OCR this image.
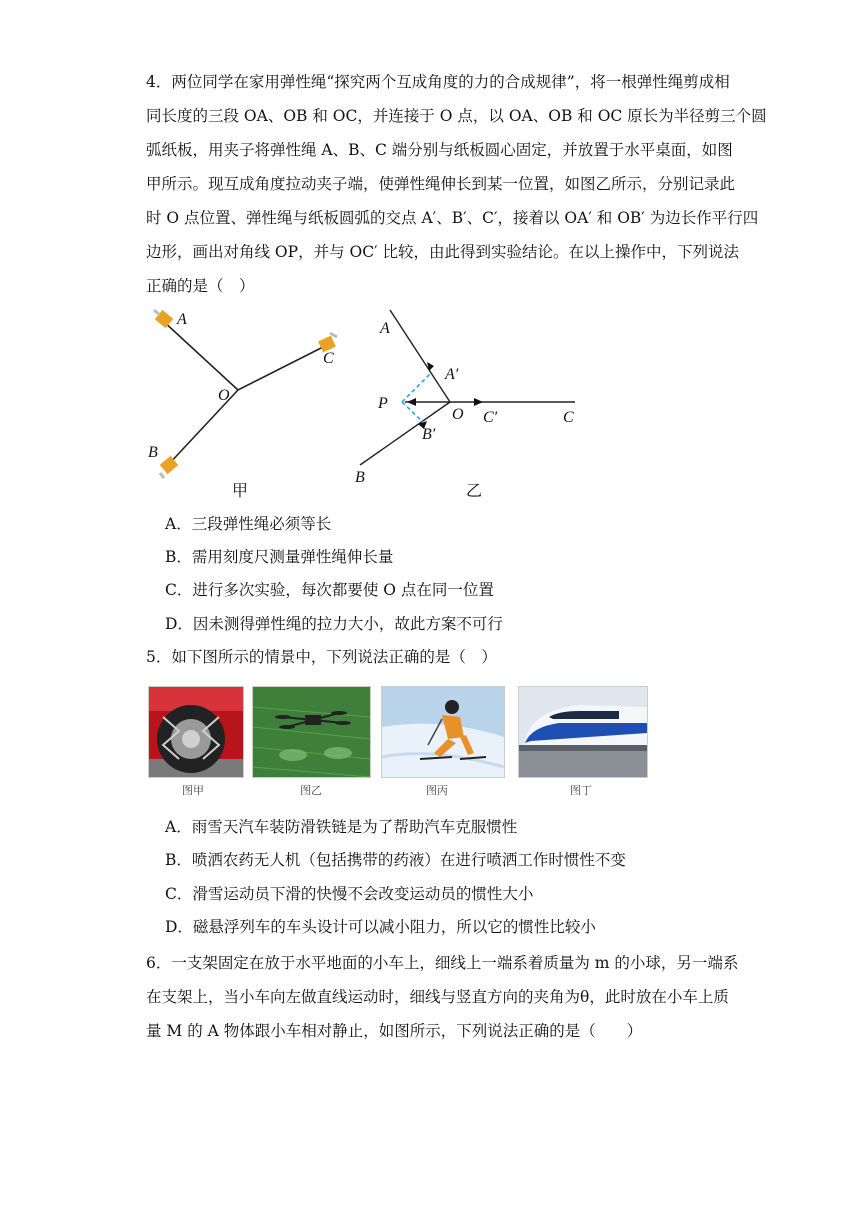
4．两位同学在家用弹性绳“探究两个互成角度的力的合成规律”，将一根弹性绳剪成相
同长度的三段 OA、OB 和 OC，并连接于 O 点，以 OA、OB 和 OC 原长为半径剪三个圆
弧纸板，用夹子将弹性绳 A、B、C 端分别与纸板圆心固定，并放置于水平桌面，如图
甲所示。现互成角度拉动夹子端，使弹性绳伸长到某一位置，如图乙所示，分别记录此
时 O 点位置、弹性绳与纸板圆弧的交点 A′、B′、C′，接着以 OA′ 和 OB′ 为边长作平行四
边形，画出对角线 OP，并与 OC′ 比较，由此得到实验结论。在以上操作中，下列说法
正确的是（　）
A
C
O
B
甲
A
A′
P
O C′	C
B′
B
乙
A．三段弹性绳必须等长
B．需用刻度尺测量弹性绳伸长量
C．进行多次实验，每次都要使 O 点在同一位置
D．因未测得弹性绳的拉力大小，故此方案不可行
5．如下图所示的情景中，下列说法正确的是（　）
图甲	图乙	图丙	图丁
A．雨雪天汽车装防滑铁链是为了帮助汽车克服惯性
B．喷洒农药无人机（包括携带的药液）在进行喷洒工作时惯性不变
C．滑雪运动员下滑的快慢不会改变运动员的惯性大小
D．磁悬浮列车的车头设计可以减小阻力，所以它的惯性比较小
6．一支架固定在放于水平地面的小车上，细线上一端系着质量为 m 的小球，另一端系
在支架上，当小车向左做直线运动时，细线与竖直方向的夹角为θ，此时放在小车上质
量 M 的 A 物体跟小车相对静止，如图所示，下列说法正确的是（　　）
